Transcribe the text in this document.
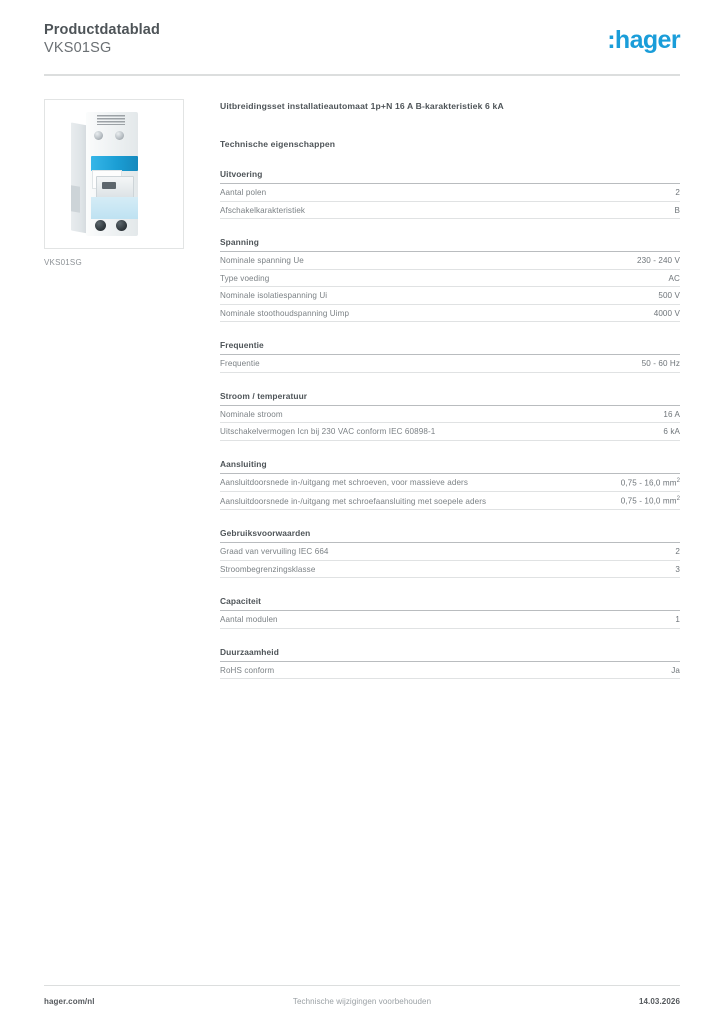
Productdatablad
VKS01SG	:hager
VKS01SG
Uitbreidingsset installatieautomaat 1p+N 16 A B-karakteristiek 6 kA
Technische eigenschappen
Uitvoering
Aantal polen	2
Afschakelkarakteristiek	B
Spanning
Nominale spanning Ue	230 - 240 V
Type voeding	AC
Nominale isolatiespanning Ui	500 V
Nominale stoothoudspanning Uimp	4000 V
Frequentie
Frequentie	50 - 60 Hz
Stroom / temperatuur
Nominale stroom	16 A
Uitschakelvermogen Icn bij 230 VAC conform IEC 60898-1	6 kA
Aansluiting
Aansluitdoorsnede in-/uitgang met schroeven, voor massieve aders	0,75 - 16,0 $mm^2$
Aansluitdoorsnede in-/uitgang met schroefaansluiting met soepele aders	0,75 - 10,0 $mm^2$
Gebruiksvoorwaarden
Graad van vervuiling IEC 664	2
Stroombegrenzingsklasse	3
Capaciteit
Aantal modulen	1
Duurzaamheid
RoHS conform	Ja
hager.com/nl	Technische wijzigingen voorbehouden	14.03.2026
